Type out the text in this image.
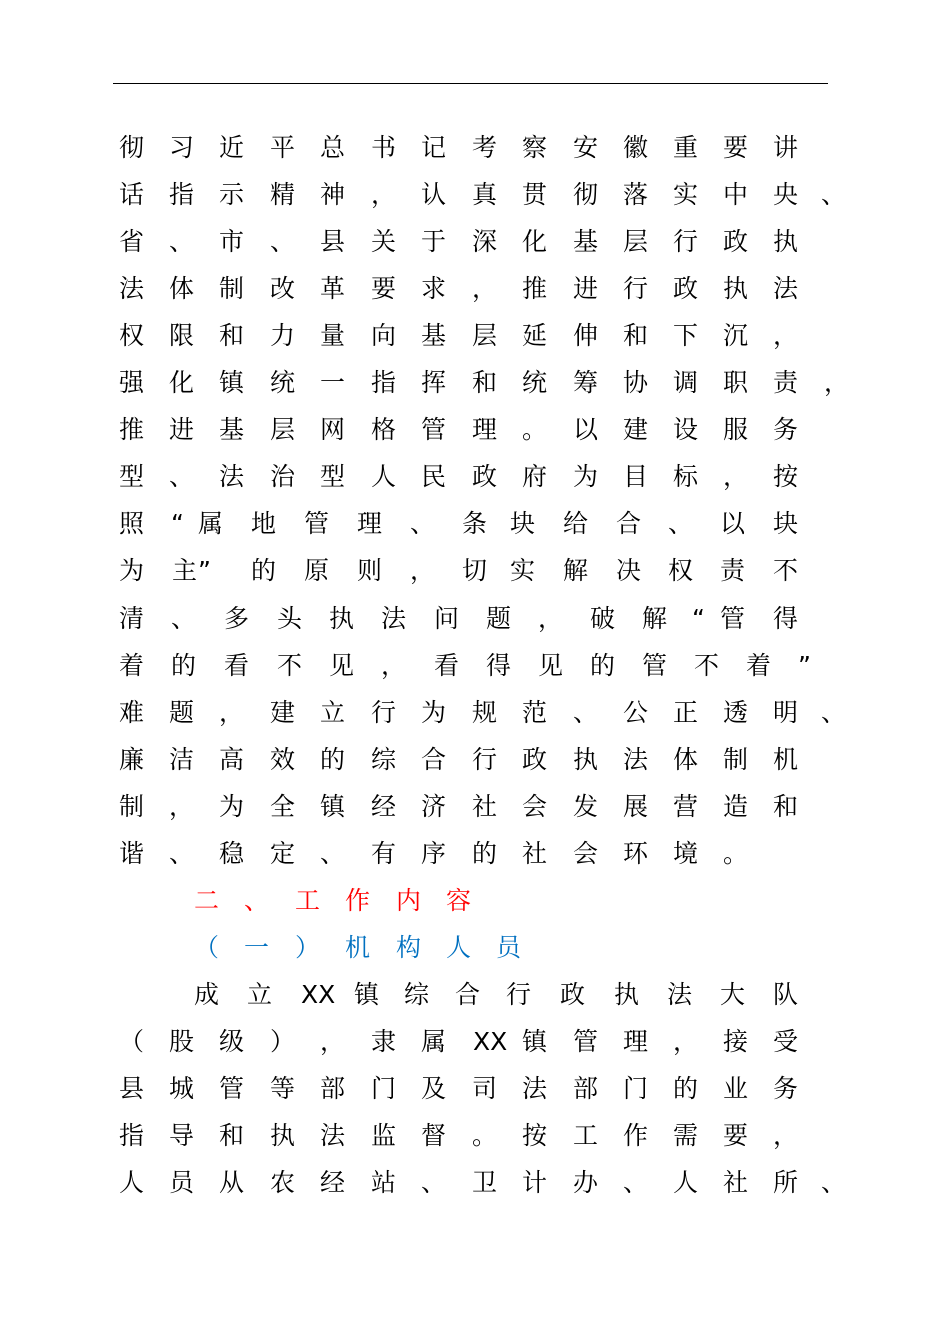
彻 习 近 平 总 书 记 考 察 安 徽 重 要 讲
话 指 示 精 神 ， 认 真 贯 彻 落 实 中 央 、
省 、 市 、 县 关 于 深 化 基 层 行 政 执
法 体 制 改 革 要 求 ， 推 进 行 政 执 法
权 限 和 力 量 向 基 层 延 伸 和 下 沉 ，
强 化 镇 统 一 指 挥 和 统 筹 协 调 职 责 ，
推 进 基 层 网 格 管 理 。 以 建 设 服 务
型 、 法 治 型 人 民 政 府 为 目 标 ， 按
照 “ 属 地 管 理 、 条 块 给 合 、 以 块
为 主 ” 的 原 则 ， 切 实 解 决 权 责 不
清 、 多 头 执 法 问 题 ， 破 解 “ 管 得
着 的 看 不 见 ， 看 得 见 的 管 不 着 ”
难 题 ， 建 立 行 为 规 范 、 公 正 透 明 、
廉 洁 高 效 的 综 合 行 政 执 法 体 制 机
制 ， 为 全 镇 经 济 社 会 发 展 营 造 和
谐 、 稳 定 、 有 序 的 社 会 环 境 。
二 、 工 作 内 容
（ 一 ） 机 构 人 员
成 立 XX 镇 综 合 行 政 执 法 大 队
（ 股 级 ） ， 隶 属 XX 镇 管 理 ， 接 受
县 城 管 等 部 门 及 司 法 部 门 的 业 务
指 导 和 执 法 监 督 。 按 工 作 需 要 ，
人 员 从 农 经 站 、 卫 计 办 、 人 社 所 、
